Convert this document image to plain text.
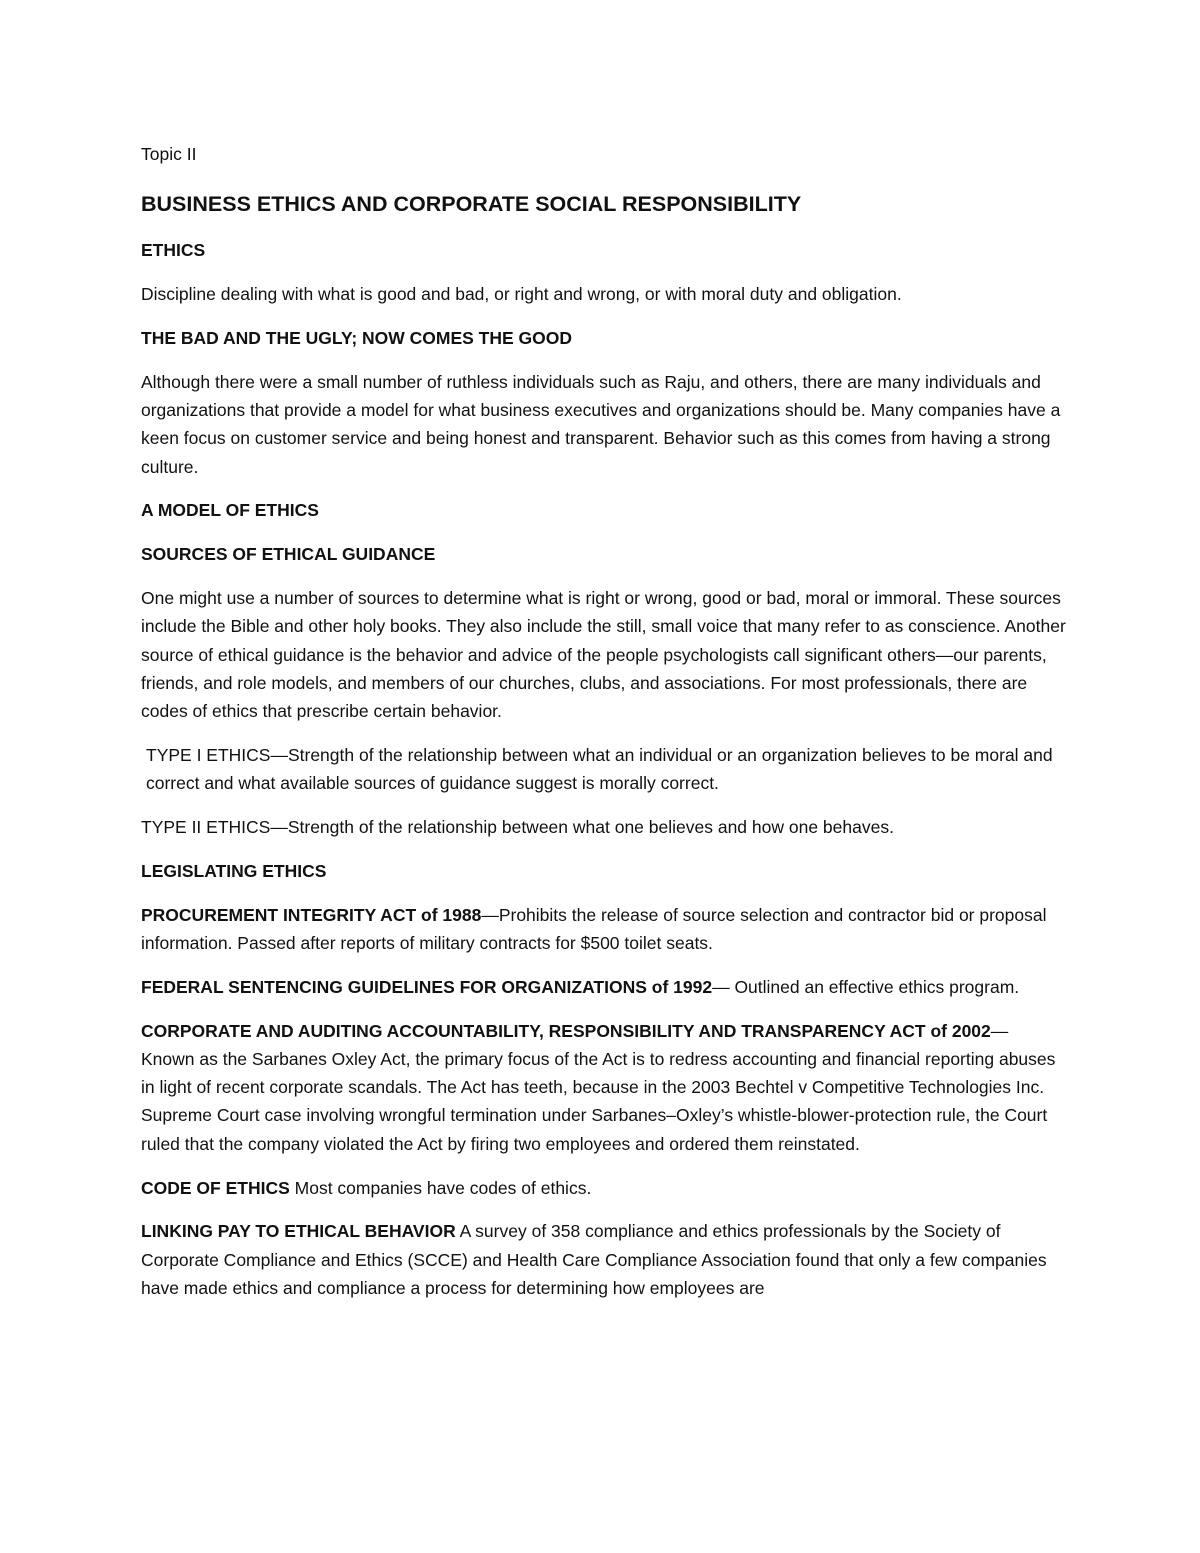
Topic II

BUSINESS ETHICS AND CORPORATE SOCIAL RESPONSIBILITY

ETHICS

Discipline dealing with what is good and bad, or right and wrong, or with moral duty and obligation.

THE BAD AND THE UGLY; NOW COMES THE GOOD

Although there were a small number of ruthless individuals such as Raju, and others, there are many individuals and organizations that provide a model for what business executives and organizations should be. Many companies have a keen focus on customer service and being honest and transparent. Behavior such as this comes from having a strong culture.

A MODEL OF ETHICS

SOURCES OF ETHICAL GUIDANCE

One might use a number of sources to determine what is right or wrong, good or bad, moral or immoral. These sources include the Bible and other holy books. They also include the still, small voice that many refer to as conscience. Another source of ethical guidance is the behavior and advice of the people psychologists call significant others—our parents, friends, and role models, and members of our churches, clubs, and associations. For most professionals, there are codes of ethics that prescribe certain behavior.

TYPE I ETHICS—Strength of the relationship between what an individual or an organization believes to be moral and correct and what available sources of guidance suggest is morally correct.

TYPE II ETHICS—Strength of the relationship between what one believes and how one behaves.

LEGISLATING ETHICS

PROCUREMENT INTEGRITY ACT of 1988—Prohibits the release of source selection and contractor bid or proposal information. Passed after reports of military contracts for $500 toilet seats.

FEDERAL SENTENCING GUIDELINES FOR ORGANIZATIONS of 1992— Outlined an effective ethics program.

CORPORATE AND AUDITING ACCOUNTABILITY, RESPONSIBILITY AND TRANSPARENCY ACT of 2002— Known as the Sarbanes Oxley Act, the primary focus of the Act is to redress accounting and financial reporting abuses in light of recent corporate scandals. The Act has teeth, because in the 2003 Bechtel v Competitive Technologies Inc. Supreme Court case involving wrongful termination under Sarbanes–Oxley’s whistle-blower-protection rule, the Court ruled that the company violated the Act by firing two employees and ordered them reinstated.

CODE OF ETHICS Most companies have codes of ethics.

LINKING PAY TO ETHICAL BEHAVIOR A survey of 358 compliance and ethics professionals by the Society of Corporate Compliance and Ethics (SCCE) and Health Care Compliance Association found that only a few companies have made ethics and compliance a process for determining how employees are
